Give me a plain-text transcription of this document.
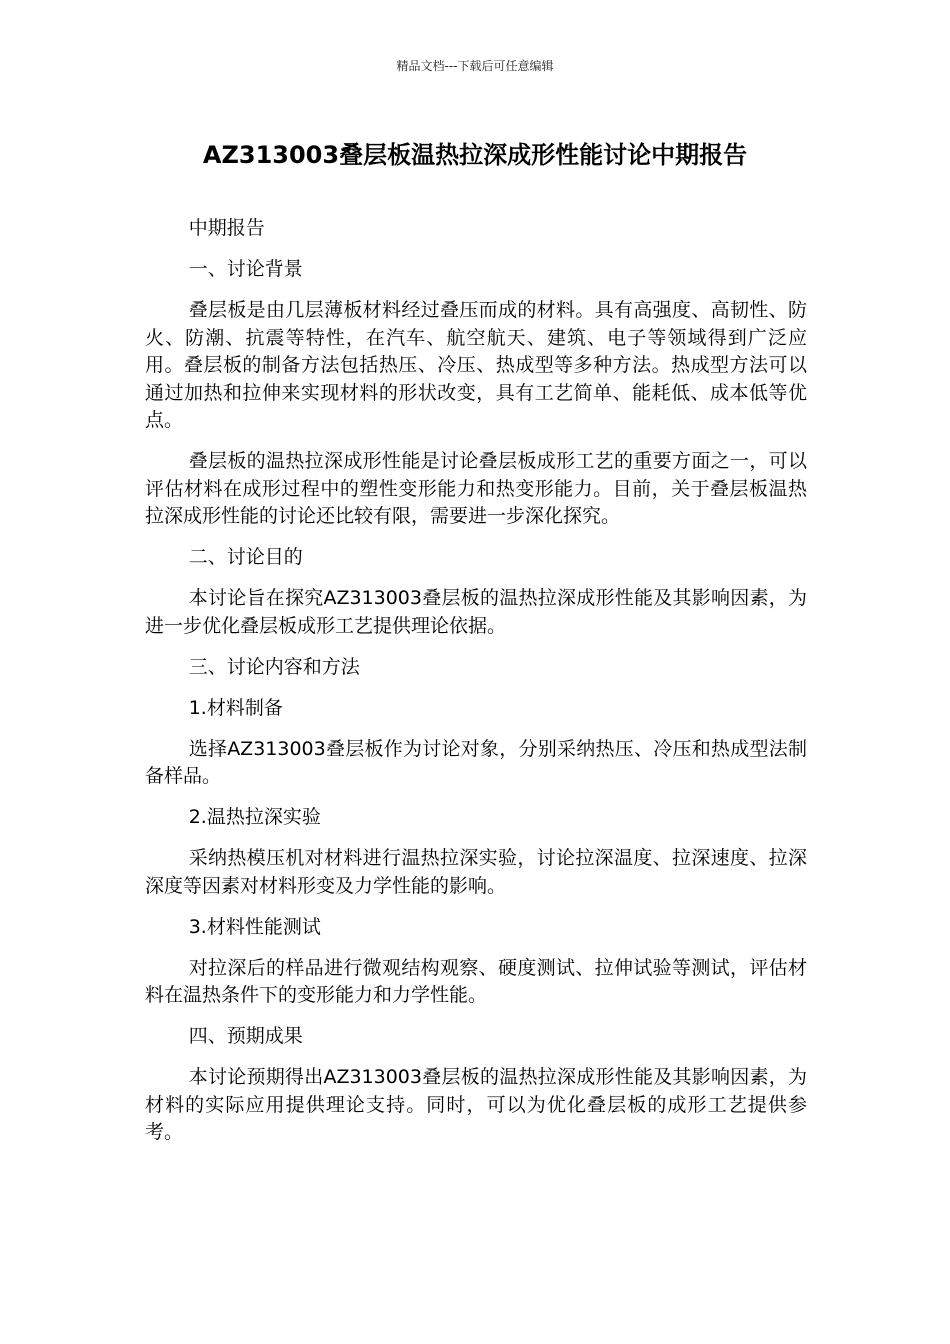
精品文档---下载后可任意编辑
AZ313003叠层板温热拉深成形性能讨论中期报告

中期报告

一、讨论背景

叠层板是由几层薄板材料经过叠压而成的材料。具有高强度、高韧性、防火、防潮、抗震等特性，在汽车、航空航天、建筑、电子等领域得到广泛应用。叠层板的制备方法包括热压、冷压、热成型等多种方法。热成型方法可以通过加热和拉伸来实现材料的形状改变，具有工艺简单、能耗低、成本低等优点。

叠层板的温热拉深成形性能是讨论叠层板成形工艺的重要方面之一，可以评估材料在成形过程中的塑性变形能力和热变形能力。目前，关于叠层板温热拉深成形性能的讨论还比较有限，需要进一步深化探究。

二、讨论目的

本讨论旨在探究AZ313003叠层板的温热拉深成形性能及其影响因素，为进一步优化叠层板成形工艺提供理论依据。

三、讨论内容和方法

1.材料制备

选择AZ313003叠层板作为讨论对象，分别采纳热压、冷压和热成型法制备样品。

2.温热拉深实验

采纳热模压机对材料进行温热拉深实验，讨论拉深温度、拉深速度、拉深深度等因素对材料形变及力学性能的影响。

3.材料性能测试

对拉深后的样品进行微观结构观察、硬度测试、拉伸试验等测试，评估材料在温热条件下的变形能力和力学性能。

四、预期成果

本讨论预期得出AZ313003叠层板的温热拉深成形性能及其影响因素，为材料的实际应用提供理论支持。同时，可以为优化叠层板的成形工艺提供参考。
